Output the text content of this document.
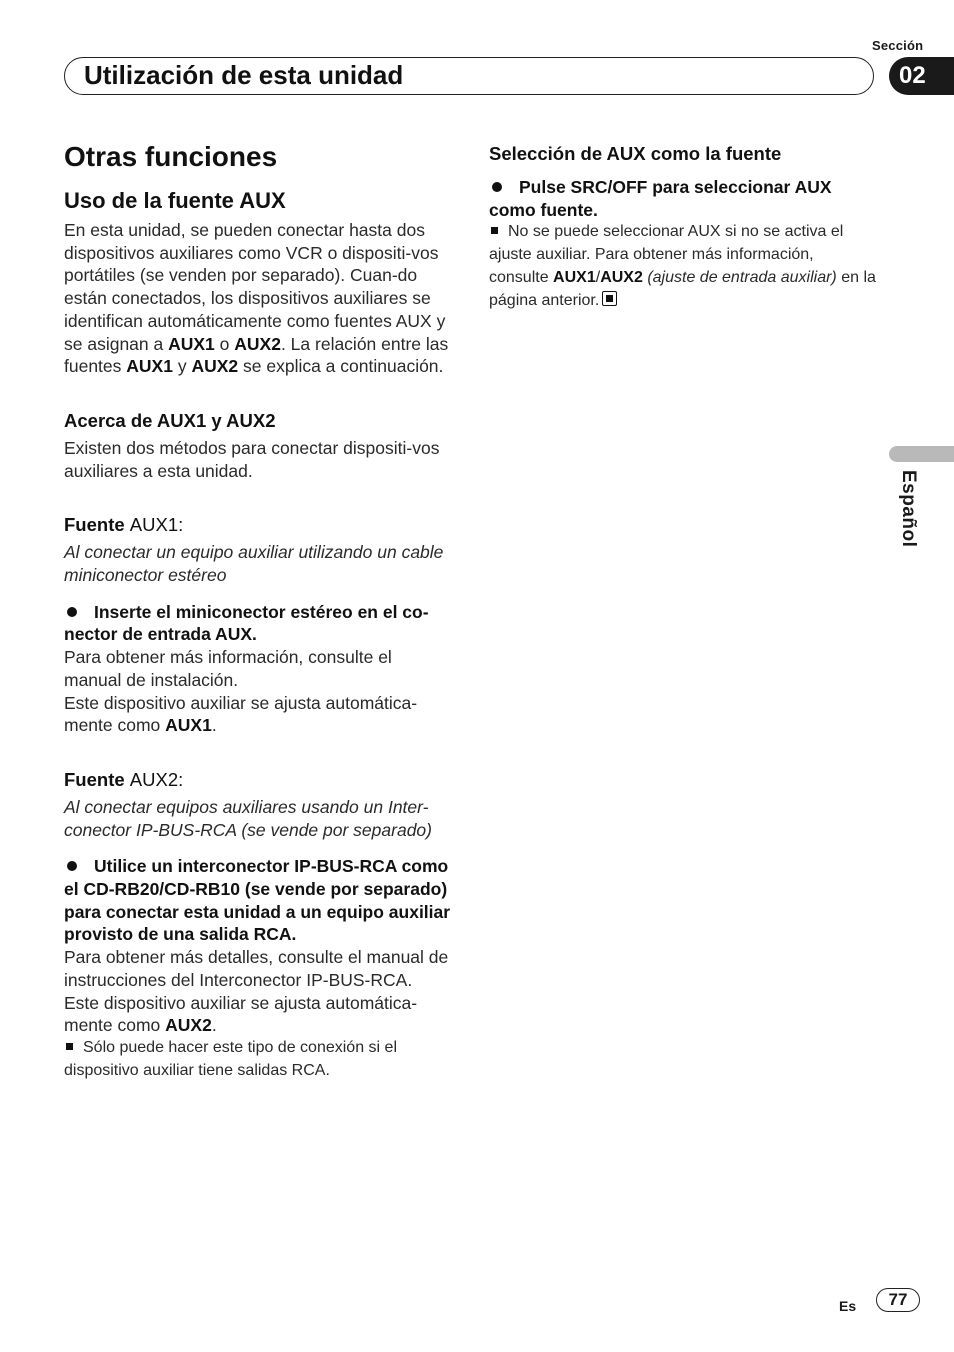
Sección
Utilización de esta unidad	02
Español
Otras funciones
Uso de la fuente AUX

En esta unidad, se pueden conectar hasta dos dispositivos auxiliares como VCR o dispositi-vos portátiles (se venden por separado). Cuan-do están conectados, los dispositivos auxiliares se identifican automáticamente como fuentes AUX y se asignan a AUX1 o AUX2. La relación entre las fuentes AUX1 y AUX2 se explica a continuación.

Acerca de AUX1 y AUX2

Existen dos métodos para conectar dispositi-vos auxiliares a esta unidad.

Fuente AUX1:

Al conectar un equipo auxiliar utilizando un cable miniconector estéreo

Inserte el miniconector estéreo en el co-nector de entrada AUX.

Para obtener más información, consulte el manual de instalación.

Este dispositivo auxiliar se ajusta automática-mente como AUX1.

Fuente AUX2:

Al conectar equipos auxiliares usando un Inter-conector IP-BUS-RCA (se vende por separado)

Utilice un interconector IP-BUS-RCA como el CD-RB20/CD-RB10 (se vende por separado) para conectar esta unidad a un equipo auxiliar provisto de una salida RCA.

Para obtener más detalles, consulte el manual de instrucciones del Interconector IP-BUS-RCA.

Este dispositivo auxiliar se ajusta automática-mente como AUX2.

Sólo puede hacer este tipo de conexión si el dispositivo auxiliar tiene salidas RCA.

Selección de AUX como la fuente

Pulse SRC/OFF para seleccionar AUX como fuente.

No se puede seleccionar AUX si no se activa el ajuste auxiliar. Para obtener más información, consulte AUX1/AUX2 (ajuste de entrada auxiliar) en la página anterior.

Es	77
